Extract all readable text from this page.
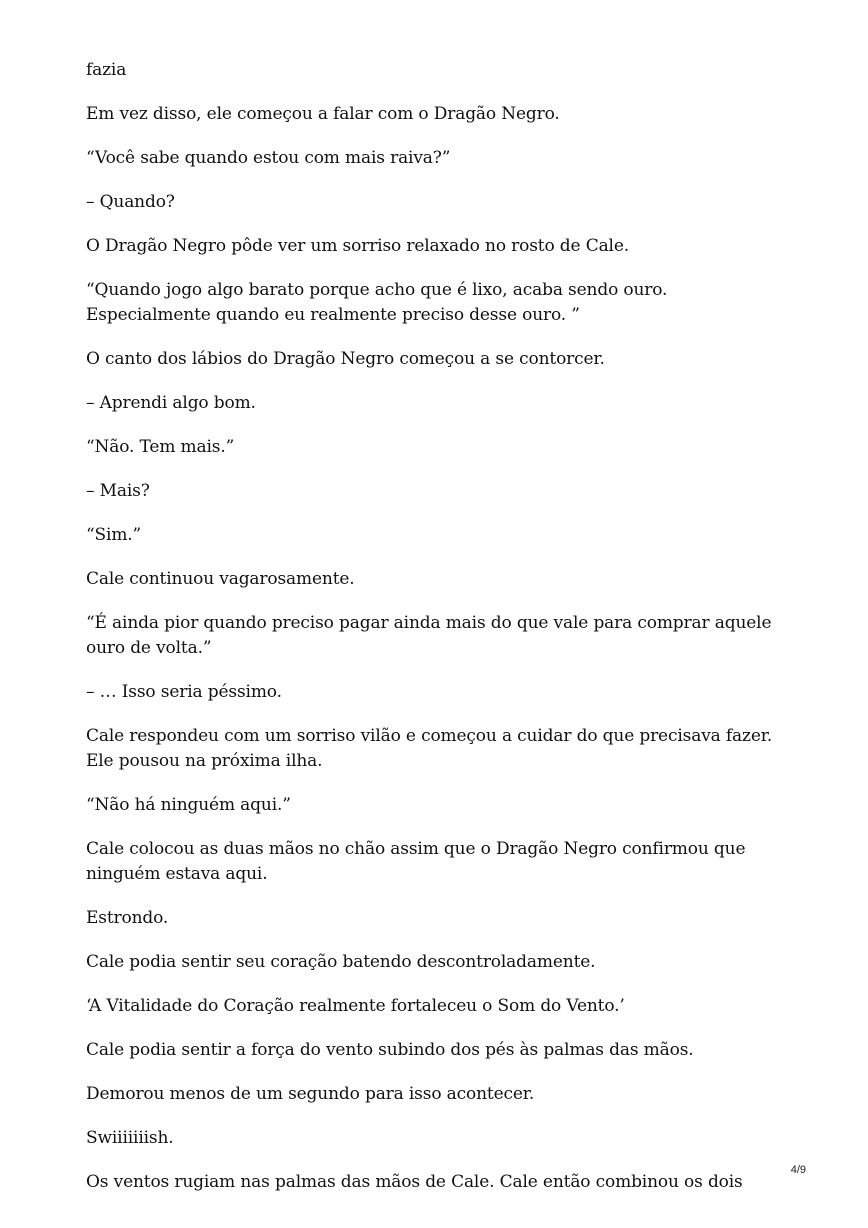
fazia

Em vez disso, ele começou a falar com o Dragão Negro.

“Você sabe quando estou com mais raiva?”

– Quando?

O Dragão Negro pôde ver um sorriso relaxado no rosto de Cale.

“Quando jogo algo barato porque acho que é lixo, acaba sendo ouro. Especialmente quando eu realmente preciso desse ouro. ”

O canto dos lábios do Dragão Negro começou a se contorcer.

– Aprendi algo bom.

“Não. Tem mais.”

– Mais?

“Sim.”

Cale continuou vagarosamente.

“É ainda pior quando preciso pagar ainda mais do que vale para comprar aquele ouro de volta.”

– … Isso seria péssimo.

Cale respondeu com um sorriso vilão e começou a cuidar do que precisava fazer. Ele pousou na próxima ilha.

“Não há ninguém aqui.”

Cale colocou as duas mãos no chão assim que o Dragão Negro confirmou que ninguém estava aqui.

Estrondo.

Cale podia sentir seu coração batendo descontroladamente.

‘A Vitalidade do Coração realmente fortaleceu o Som do Vento.’

Cale podia sentir a força do vento subindo dos pés às palmas das mãos.

Demorou menos de um segundo para isso acontecer.

Swiiiiiiish.

Os ventos rugiam nas palmas das mãos de Cale. Cale então combinou os dois

4/9
